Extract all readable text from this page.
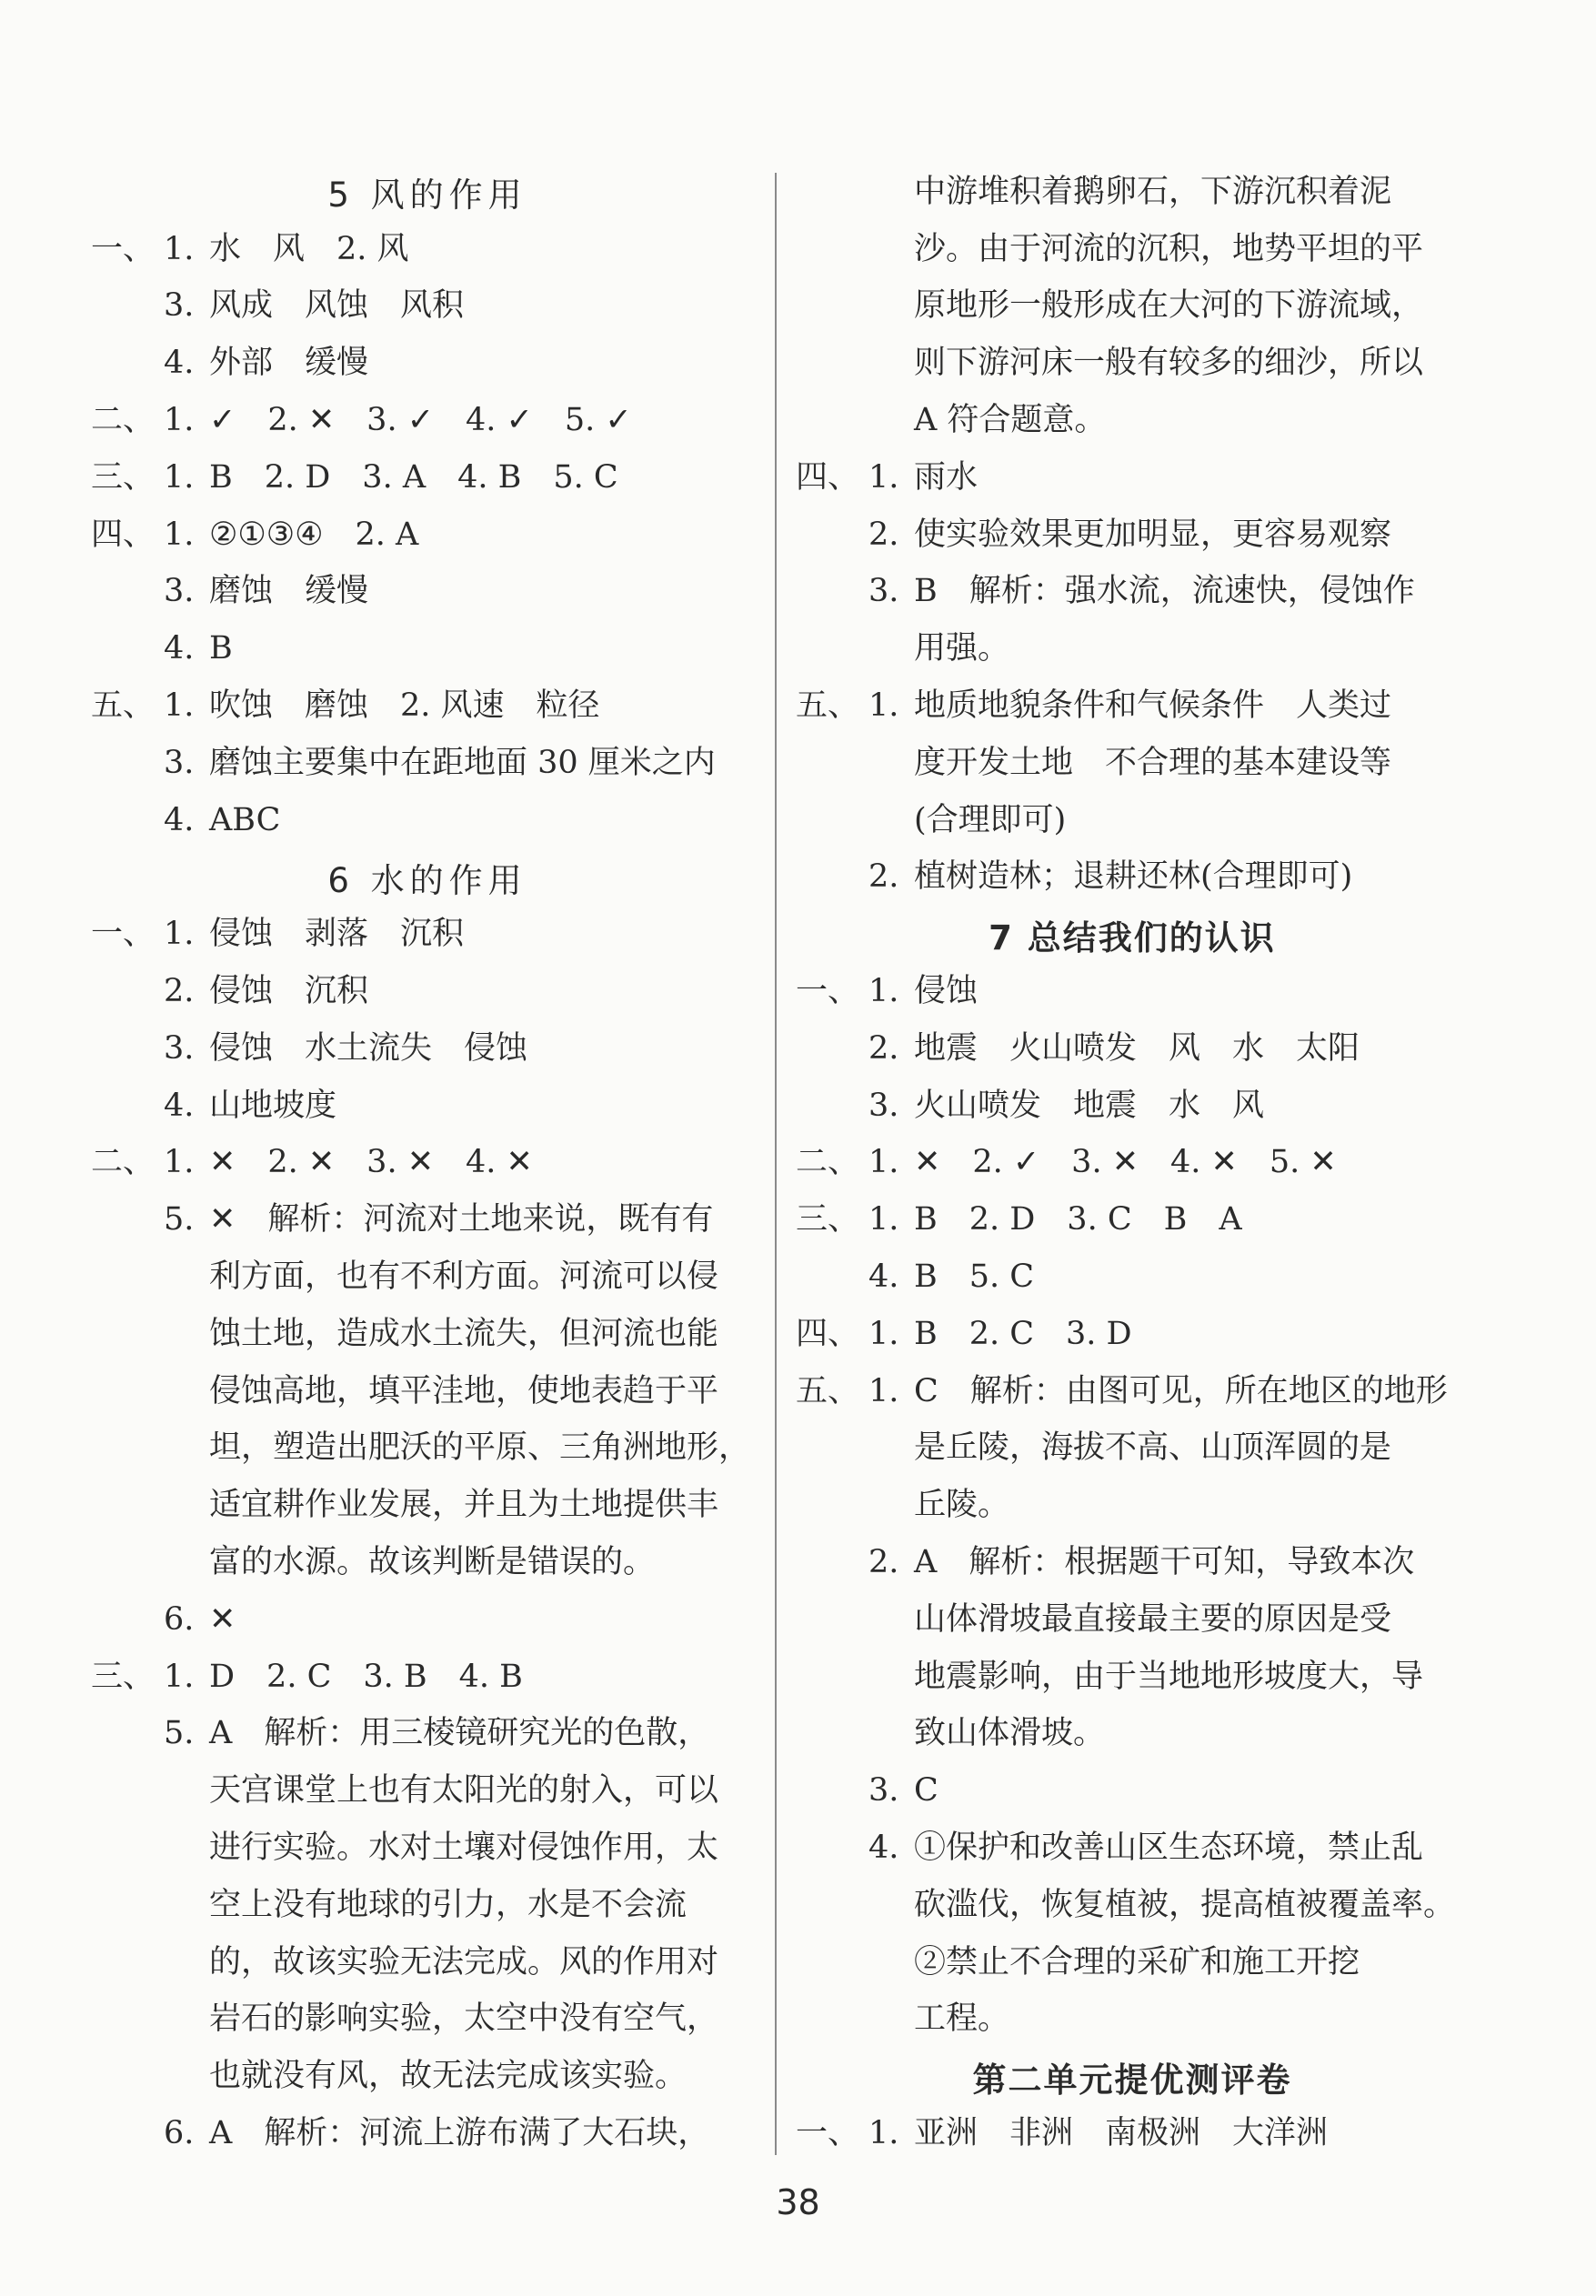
5 风的作用
一、 1. 水　风　2. 风
3. 风成　风蚀　风积
4. 外部　缓慢
二、 1. ✓　2. ✕　3. ✓　4. ✓　5. ✓
三、 1. B　2. D　3. A　4. B　5. C
四、 1. ②①③④　2. A
3. 磨蚀　缓慢
4. B
五、 1. 吹蚀　磨蚀　2. 风速　粒径
3. 磨蚀主要集中在距地面 30 厘米之内
4. ABC
6 水的作用
一、 1. 侵蚀　剥落　沉积
2. 侵蚀　沉积
3. 侵蚀　水土流失　侵蚀
4. 山地坡度
二、 1. ✕　2. ✕　3. ✕　4. ✕
5. ✕　解析：河流对土地来说，既有有
利方面，也有不利方面。河流可以侵
蚀土地，造成水土流失，但河流也能
侵蚀高地，填平洼地，使地表趋于平
坦，塑造出肥沃的平原、三角洲地形，
适宜耕作业发展，并且为土地提供丰
富的水源。故该判断是错误的。
6. ✕
三、 1. D　2. C　3. B　4. B
5. A　解析：用三棱镜研究光的色散，
天宫课堂上也有太阳光的射入，可以
进行实验。水对土壤对侵蚀作用，太
空上没有地球的引力，水是不会流
的，故该实验无法完成。风的作用对
岩石的影响实验，太空中没有空气，
也就没有风，故无法完成该实验。
6. A　解析：河流上游布满了大石块，
中游堆积着鹅卵石，下游沉积着泥
沙。由于河流的沉积，地势平坦的平
原地形一般形成在大河的下游流域，
则下游河床一般有较多的细沙，所以
A 符合题意。
四、 1. 雨水
2. 使实验效果更加明显，更容易观察
3. B　解析：强水流，流速快，侵蚀作
用强。
五、 1. 地质地貌条件和气候条件　人类过
度开发土地　不合理的基本建设等
(合理即可)
2. 植树造林；退耕还林(合理即可)
7 总结我们的认识
一、 1. 侵蚀
2. 地震　火山喷发　风　水　太阳
3. 火山喷发　地震　水　风
二、 1. ✕　2. ✓　3. ✕　4. ✕　5. ✕
三、 1. B　2. D　3. C　B　A
4. B　5. C
四、 1. B　2. C　3. D
五、 1. C　解析：由图可见，所在地区的地形
是丘陵，海拔不高、山顶浑圆的是
丘陵。
2. A　解析：根据题干可知，导致本次
山体滑坡最直接最主要的原因是受
地震影响，由于当地地形坡度大，导
致山体滑坡。
3. C
4. ①保护和改善山区生态环境，禁止乱
砍滥伐，恢复植被，提高植被覆盖率。
②禁止不合理的采矿和施工开挖
工程。
第二单元提优测评卷
一、 1. 亚洲　非洲　南极洲　大洋洲
38
